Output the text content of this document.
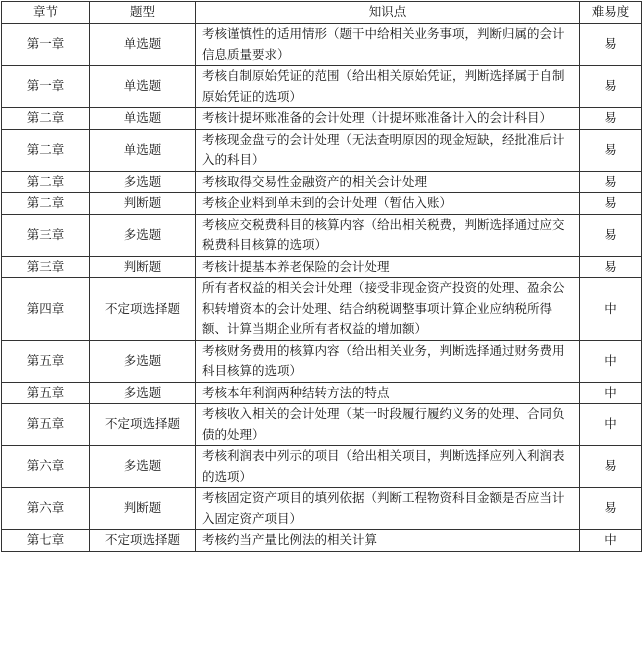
章节	题型	知识点	难易度
第一章	单选题	考核谨慎性的适用情形（题干中给相关业务事项，判断归属的会计信息质量要求）	易
第一章	单选题	考核自制原始凭证的范围（给出相关原始凭证，判断选择属于自制原始凭证的选项）	易
第二章	单选题	考核计提坏账准备的会计处理（计提坏账准备计入的会计科目）	易
第二章	单选题	考核现金盘亏的会计处理（无法查明原因的现金短缺，经批准后计入的科目）	易
第二章	多选题	考核取得交易性金融资产的相关会计处理	易
第二章	判断题	考核企业料到单未到的会计处理（暂估入账）	易
第三章	多选题	考核应交税费科目的核算内容（给出相关税费，判断选择通过应交税费科目核算的选项）	易
第三章	判断题	考核计提基本养老保险的会计处理	易
第四章	不定项选择题	所有者权益的相关会计处理（接受非现金资产投资的处理、盈余公积转增资本的会计处理、结合纳税调整事项计算企业应纳税所得额、计算当期企业所有者权益的增加额）	中
第五章	多选题	考核财务费用的核算内容（给出相关业务，判断选择通过财务费用科目核算的选项）	中
第五章	多选题	考核本年利润两种结转方法的特点	中
第五章	不定项选择题	考核收入相关的会计处理（某一时段履行履约义务的处理、合同负债的处理）	中
第六章	多选题	考核利润表中列示的项目（给出相关项目，判断选择应列入利润表的选项）	易
第六章	判断题	考核固定资产项目的填列依据（判断工程物资科目金额是否应当计入固定资产项目）	易
第七章	不定项选择题	考核约当产量比例法的相关计算	中
